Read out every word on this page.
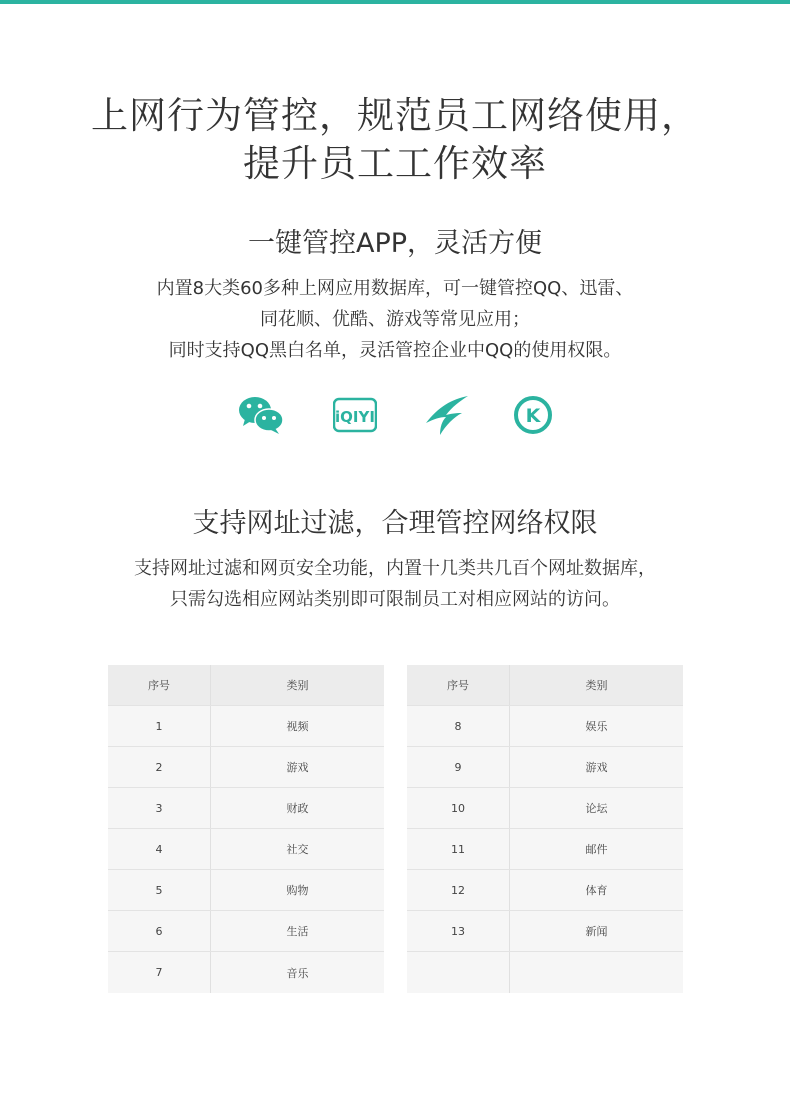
上网行为管控，规范员工网络使用，
提升员工工作效率
一键管控APP，灵活方便
内置8大类60多种上网应用数据库，可一键管控QQ、迅雷、
同花顺、优酷、游戏等常见应用；
同时支持QQ黑白名单，灵活管控企业中QQ的使用权限。
iQIYI	K
支持网址过滤，合理管控网络权限
支持网址过滤和网页安全功能，内置十几类共几百个网址数据库，
只需勾选相应网站类别即可限制员工对相应网站的访问。
序号	类别
1	视频
2	游戏
3	财政
4	社交
5	购物
6	生活
7	音乐
序号	类别
8	娱乐
9	游戏
10	论坛
11	邮件
12	体育
13	新闻
